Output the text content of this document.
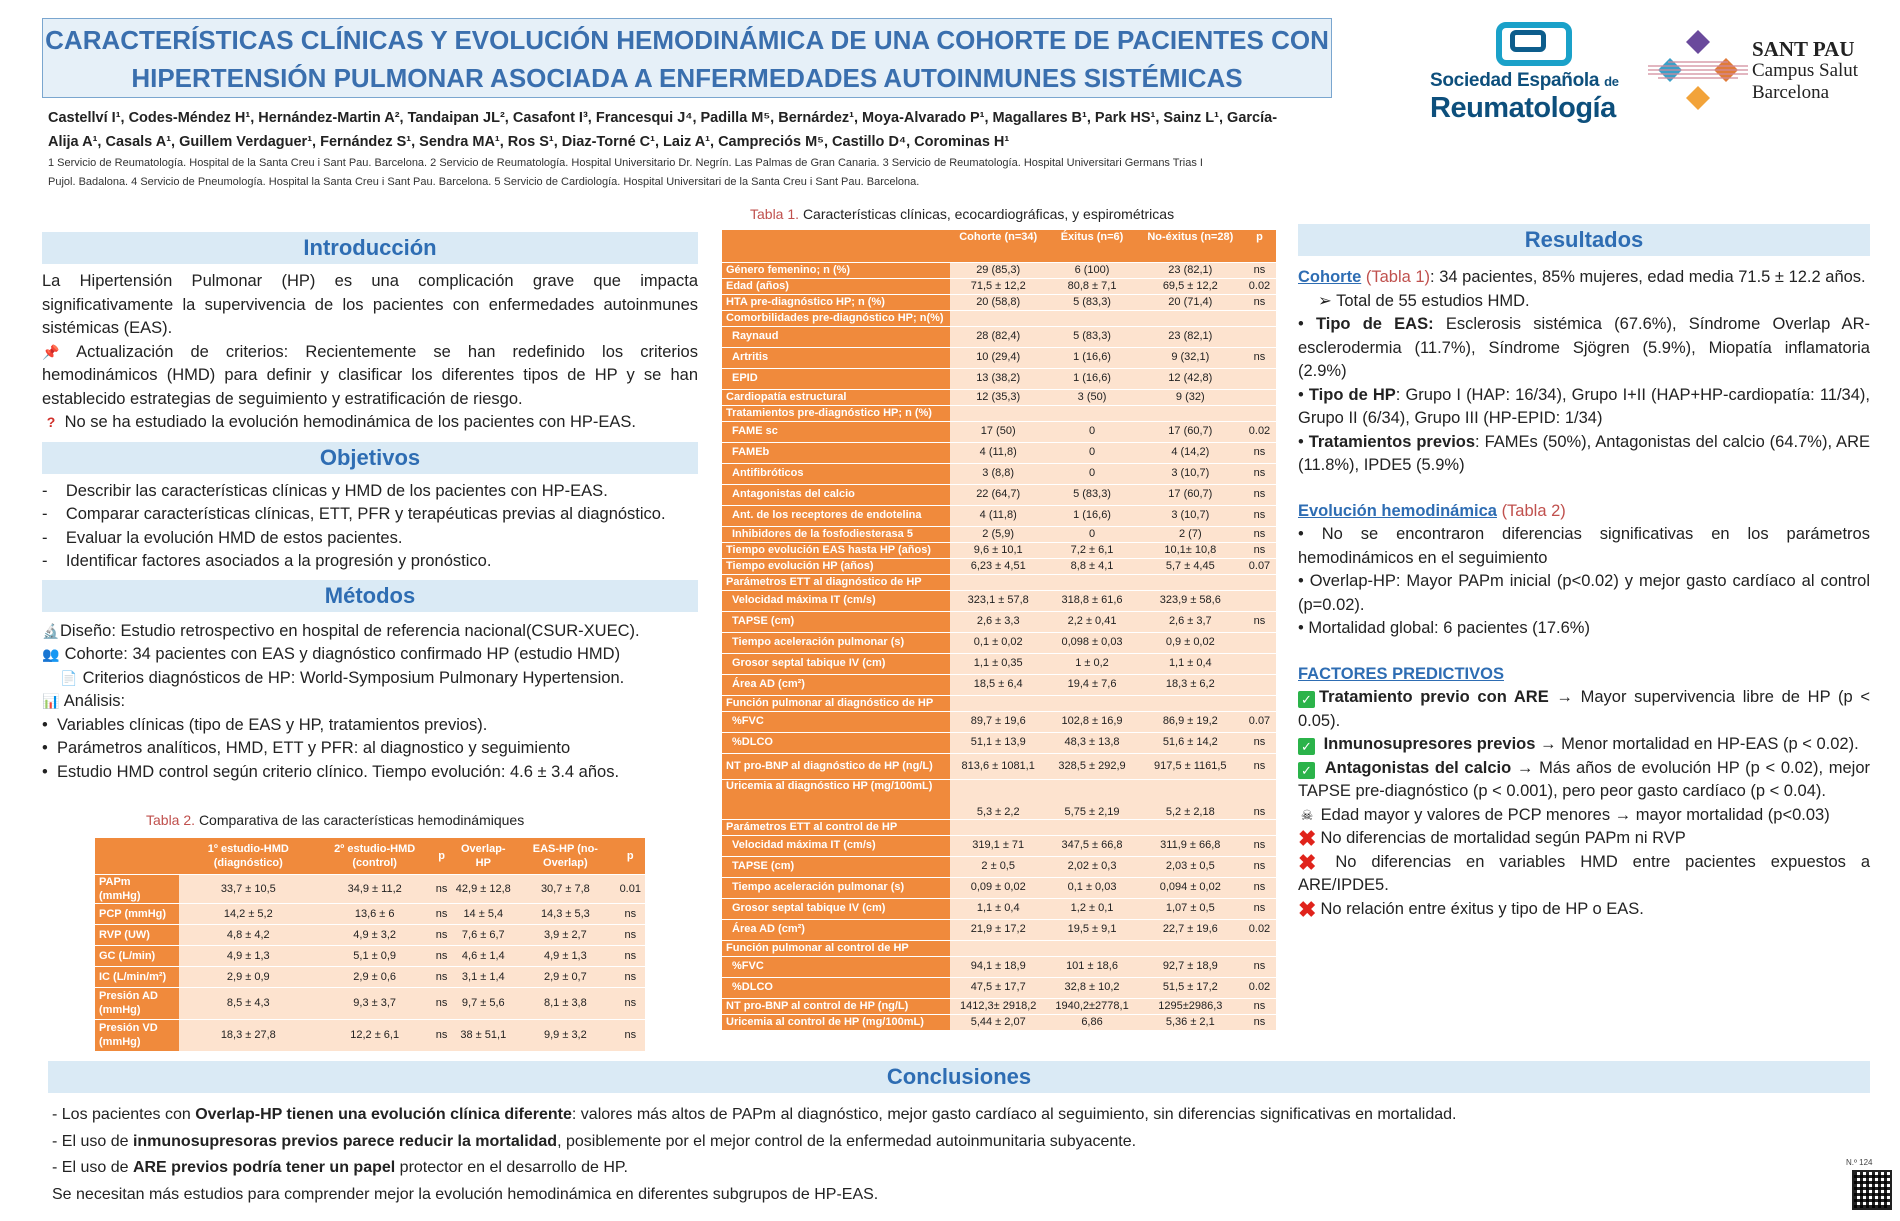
CARACTERÍSTICAS CLÍNICAS Y EVOLUCIÓN HEMODINÁMICA DE UNA COHORTE DE PACIENTES CON
HIPERTENSIÓN PULMONAR ASOCIADA A ENFERMEDADES AUTOINMUNES SISTÉMICAS	Sociedad Española de
Reumatología
SANT PAU
Campus Salut
Barcelona
Castellví I¹, Codes-Méndez H¹, Hernández-Martin A², Tandaipan JL², Casafont I³, Francesqui J⁴, Padilla M⁵, Bernárdez¹, Moya-Alvarado P¹, Magallares B¹, Park HS¹, Sainz L¹, García-
Alija A¹, Casals A¹, Guillem Verdaguer¹, Fernández S¹, Sendra MA¹, Ros S¹, Diaz-Torné C¹, Laiz A¹, Campreciós M⁵, Castillo D⁴, Corominas H¹
1 Servicio de Reumatología. Hospital de la Santa Creu i Sant Pau. Barcelona. 2 Servicio de Reumatología. Hospital Universitario Dr. Negrín. Las Palmas de Gran Canaria. 3 Servicio de Reumatología. Hospital Universitari Germans Trias I
Pujol. Badalona. 4 Servicio de Pneumología. Hospital la Santa Creu i Sant Pau. Barcelona. 5 Servicio de Cardiología. Hospital Universitari de la Santa Creu i Sant Pau. Barcelona.
Introducción

La Hipertensión Pulmonar (HP) es una complicación grave que impacta significativamente la supervivencia de los pacientes con enfermedades autoinmunes sistémicas (EAS).

📌 Actualización de criterios: Recientemente se han redefinido los criterios hemodinámicos (HMD) para definir y clasificar los diferentes tipos de HP y se han establecido estrategias de seguimiento y estratificación de riesgo.

? No se ha estudiado la evolución hemodinámica de los pacientes con HP-EAS.

Objetivos
-    Describir las características clínicas y HMD de los pacientes con HP-EAS.
-    Comparar características clínicas, ETT, PFR y terapéuticas previas al diagnóstico.
-    Evaluar la evolución HMD de estos pacientes.
-    Identificar factores asociados a la progresión y pronóstico.
Métodos
🔬Diseño: Estudio retrospectivo en hospital de referencia nacional(CSUR-XUEC).
👥 Cohorte: 34 pacientes con EAS y diagnóstico confirmado HP (estudio HMD)
📄 Criterios diagnósticos de HP: World-Symposium Pulmonary Hypertension.
📊 Análisis:
•  Variables clínicas (tipo de EAS y HP, tratamientos previos).
•  Parámetros analíticos, HMD, ETT y PFR: al diagnostico y seguimiento
•  Estudio HMD control según criterio clínico. Tiempo evolución: 4.6 ± 3.4 años.
Tabla 2. Comparativa de las características hemodinámiques
	1º estudio-HMD (diagnóstico)	2º estudio-HMD (control)	p	Overlap-HP	EAS-HP (no-Overlap)	p
PAPm (mmHg)	33,7 ± 10,5	34,9 ± 11,2	ns	42,9 ± 12,8	30,7 ± 7,8	0.01
PCP (mmHg)	14,2 ± 5,2	13,6 ± 6	ns	14 ± 5,4	14,3 ± 5,3	ns
RVP (UW)	4,8 ± 4,2	4,9 ± 3,2	ns	7,6 ± 6,7	3,9 ± 2,7	ns
GC (L/min)	4,9 ± 1,3	5,1 ± 0,9	ns	4,6 ± 1,4	4,9 ± 1,3	ns
IC (L/min/m²)	2,9 ± 0,9	2,9 ± 0,6	ns	3,1 ± 1,4	2,9 ± 0,7	ns
Presión AD (mmHg)	8,5 ± 4,3	9,3 ± 3,7	ns	9,7 ± 5,6	8,1 ± 3,8	ns
Presión VD (mmHg)	18,3 ± 27,8	12,2 ± 6,1	ns	38 ± 51,1	9,9 ± 3,2	ns
Tabla 1. Características clínicas, ecocardiográficas, y espirométricas
	Cohorte (n=34)	Éxitus (n=6)	No-éxitus (n=28)	p
Género femenino; n (%)	29 (85,3)	6 (100)	23 (82,1)	ns
Edad (años)	71,5 ± 12,2	80,8 ± 7,1	69,5 ± 12,2	0.02
HTA pre-diagnóstico HP; n (%)	20 (58,8)	5 (83,3)	20 (71,4)	ns
Comorbilidades pre-diagnóstico HP; n(%)				
Raynaud	28 (82,4)	5 (83,3)	23 (82,1)	
Artritis	10 (29,4)	1 (16,6)	9 (32,1)	ns
EPID	13 (38,2)	1 (16,6)	12 (42,8)	
Cardiopatía estructural	12 (35,3)	3 (50)	9 (32)	
Tratamientos pre-diagnóstico HP; n (%)				
FAME sc	17 (50)	0	17 (60,7)	0.02
FAMEb	4 (11,8)	0	4 (14,2)	ns
Antifibróticos	3 (8,8)	0	3 (10,7)	ns
Antagonistas del calcio	22 (64,7)	5 (83,3)	17 (60,7)	ns
Ant. de los receptores de endotelina	4 (11,8)	1 (16,6)	3 (10,7)	ns
Inhibidores de la fosfodiesterasa 5	2 (5,9)	0	2 (7)	ns
Tiempo evolución EAS hasta HP (años)	9,6 ± 10,1	7,2 ± 6,1	10,1± 10,8	ns
Tiempo evolución HP (años)	6,23 ± 4,51	8,8 ± 4,1	5,7 ± 4,45	0.07
Parámetros ETT al diagnóstico de HP				
Velocidad máxima IT (cm/s)	323,1 ± 57,8	318,8 ± 61,6	323,9 ± 58,6	
TAPSE (cm)	2,6 ± 3,3	2,2 ± 0,41	2,6 ± 3,7	ns
Tiempo aceleración pulmonar (s)	0,1 ± 0,02	0,098 ± 0,03	0,9 ± 0,02	
Grosor septal tabique IV (cm)	1,1 ± 0,35	1 ± 0,2	1,1 ± 0,4	
Área AD (cm²)	18,5 ± 6,4	19,4 ± 7,6	18,3 ± 6,2	
Función pulmonar al diagnóstico de HP				
%FVC	89,7 ± 19,6	102,8 ± 16,9	86,9 ± 19,2	0.07
%DLCO	51,1 ± 13,9	48,3 ± 13,8	51,6 ± 14,2	ns
NT pro-BNP al diagnóstico de HP (ng/L)	813,6 ± 1081,1	328,5 ± 292,9	917,5 ± 1161,5	ns
Uricemia al diagnóstico HP (mg/100mL)	5,3 ± 2,2	5,75 ± 2,19	5,2 ± 2,18	ns
Parámetros ETT al control de HP				
Velocidad máxima IT (cm/s)	319,1 ± 71	347,5 ± 66,8	311,9 ± 66,8	ns
TAPSE (cm)	2 ± 0,5	2,02 ± 0,3	2,03 ± 0,5	ns
Tiempo aceleración pulmonar (s)	0,09 ± 0,02	0,1 ± 0,03	0,094 ± 0,02	ns
Grosor septal tabique IV (cm)	1,1 ± 0,4	1,2 ± 0,1	1,07 ± 0,5	ns
Área AD (cm²)	21,9 ± 17,2	19,5 ± 9,1	22,7 ± 19,6	0.02
Función pulmonar al control de HP				
%FVC	94,1 ± 18,9	101 ± 18,6	92,7 ± 18,9	ns
%DLCO	47,5 ± 17,7	32,8 ± 10,2	51,5 ± 17,2	0.02
NT pro-BNP al control de HP (ng/L)	1412,3± 2918,2	1940,2±2778,1	1295±2986,3	ns
Uricemia al control de HP (mg/100mL)	5,44 ± 2,07	6,86	5,36 ± 2,1	ns
Resultados

Cohorte (Tabla 1): 34 pacientes, 85% mujeres, edad media 71.5 ± 12.2 años.

➢ Total de 55 estudios HMD.

• Tipo de EAS: Esclerosis sistémica (67.6%), Síndrome Overlap AR-esclerodermia (11.7%), Síndrome Sjögren (5.9%), Miopatía inflamatoria (2.9%)

• Tipo de HP: Grupo I (HAP: 16/34), Grupo I+II (HAP+HP-cardiopatía: 11/34), Grupo II (6/34), Grupo III (HP-EPID: 1/34)

• Tratamientos previos: FAMEs (50%), Antagonistas del calcio (64.7%), ARE (11.8%), IPDE5 (5.9%)

Evolución hemodinámica (Tabla 2)

• No se encontraron diferencias significativas en los parámetros hemodinámicos en el seguimiento

• Overlap-HP: Mayor PAPm inicial (p<0.02) y mejor gasto cardíaco al control (p=0.02).

• Mortalidad global: 6 pacientes (17.6%)

FACTORES PREDICTIVOS

✓ Tratamiento previo con ARE → Mayor supervivencia libre de HP (p < 0.05).

✓ Inmunosupresores previos → Menor mortalidad en HP-EAS (p < 0.02).

✓ Antagonistas del calcio → Más años de evolución HP (p < 0.02), mejor TAPSE pre-diagnóstico (p < 0.001), pero peor gasto cardíaco (p < 0.04).

☠ Edad mayor y valores de PCP menores → mayor mortalidad (p<0.03)

✖ No diferencias de mortalidad según PAPm ni RVP

✖ No diferencias en variables HMD entre pacientes expuestos a ARE/IPDE5.

✖ No relación entre éxitus y tipo de HP o EAS.

Conclusiones
- Los pacientes con Overlap-HP tienen una evolución clínica diferente: valores más altos de PAPm al diagnóstico, mejor gasto cardíaco al seguimiento, sin diferencias significativas en mortalidad.
- El uso de inmunosupresoras previos parece reducir la mortalidad, posiblemente por el mejor control de la enfermedad autoinmunitaria subyacente.
- El uso de ARE previos podría tener un papel protector en el desarrollo de HP.
Se necesitan más estudios para comprender mejor la evolución hemodinámica en diferentes subgrupos de HP-EAS.
N.º 124
